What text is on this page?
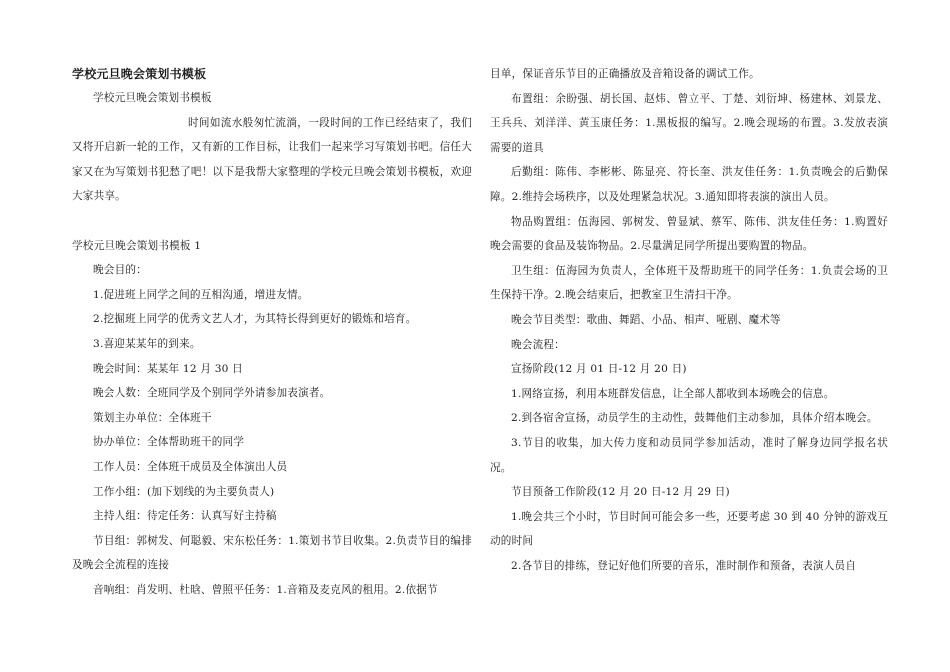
学校元旦晚会策划书模板

学校元旦晚会策划书模板

时间如流水般匆忙流淌，一段时间的工作已经结束了，我们又将开启新一轮的工作，又有新的工作目标，让我们一起来学习写策划书吧。信任大家又在为写策划书犯愁了吧！以下是我帮大家整理的学校元旦晚会策划书模板，欢迎大家共享。

学校元旦晚会策划书模板 1

晚会目的：

1.促进班上同学之间的互相沟通，增进友情。

2.挖掘班上同学的优秀文艺人才，为其特长得到更好的锻炼和培育。

3.喜迎某某年的到来。

晚会时间：某某年 12 月 30 日

晚会人数：全班同学及个别同学外请参加表演者。

策划主办单位：全体班干

协办单位：全体帮助班干的同学

工作人员：全体班干成员及全体演出人员

工作小组：(加下划线的为主要负责人)

主持人组：待定任务：认真写好主持稿

节目组：郭树发、何聪毅、宋东松任务：1.策划书节目收集。2.负责节目的编排及晚会全流程的连接

音响组：肖发明、杜晗、曾照平任务：1.音箱及麦克风的租用。2.依据节

目单，保证音乐节目的正确播放及音箱设备的调试工作。

布置组：余盼强、胡长国、赵炜、曾立平、丁楚、刘衍坤、杨建林、刘景龙、王兵兵、刘洋洋、黄玉康任务：1.黑板报的编写。2.晚会现场的布置。3.发放表演需要的道具

后勤组：陈伟、李彬彬、陈显亮、符长奎、洪友佳任务：1.负责晚会的后勤保障。2.维持会场秩序，以及处理紧急状况。3.通知即将表演的演出人员。

物品购置组：伍海园、郭树发、曾显斌、蔡军、陈伟、洪友佳任务：1.购置好晚会需要的食品及装饰物品。2.尽量满足同学所提出要购置的物品。

卫生组：伍海园为负责人，全体班干及帮助班干的同学任务：1.负责会场的卫生保持干净。2.晚会结束后，把教室卫生清扫干净。

晚会节目类型：歌曲、舞蹈、小品、相声、哑剧、魔术等

晚会流程：

宣扬阶段(12 月 01 日-12 月 20 日)

1.网络宣扬，利用本班群发信息，让全部人都收到本场晚会的信息。

2.到各宿舍宣扬，动员学生的主动性，鼓舞他们主动参加，具体介绍本晚会。

3.节目的收集，加大传力度和动员同学参加活动，准时了解身边同学报名状况。

节目预备工作阶段(12 月 20 日-12 月 29 日)

1.晚会共三个小时，节目时间可能会多一些，还要考虑 30 到 40 分钟的游戏互动的时间

2.各节目的排练，登记好他们所要的音乐，准时制作和预备，表演人员自
